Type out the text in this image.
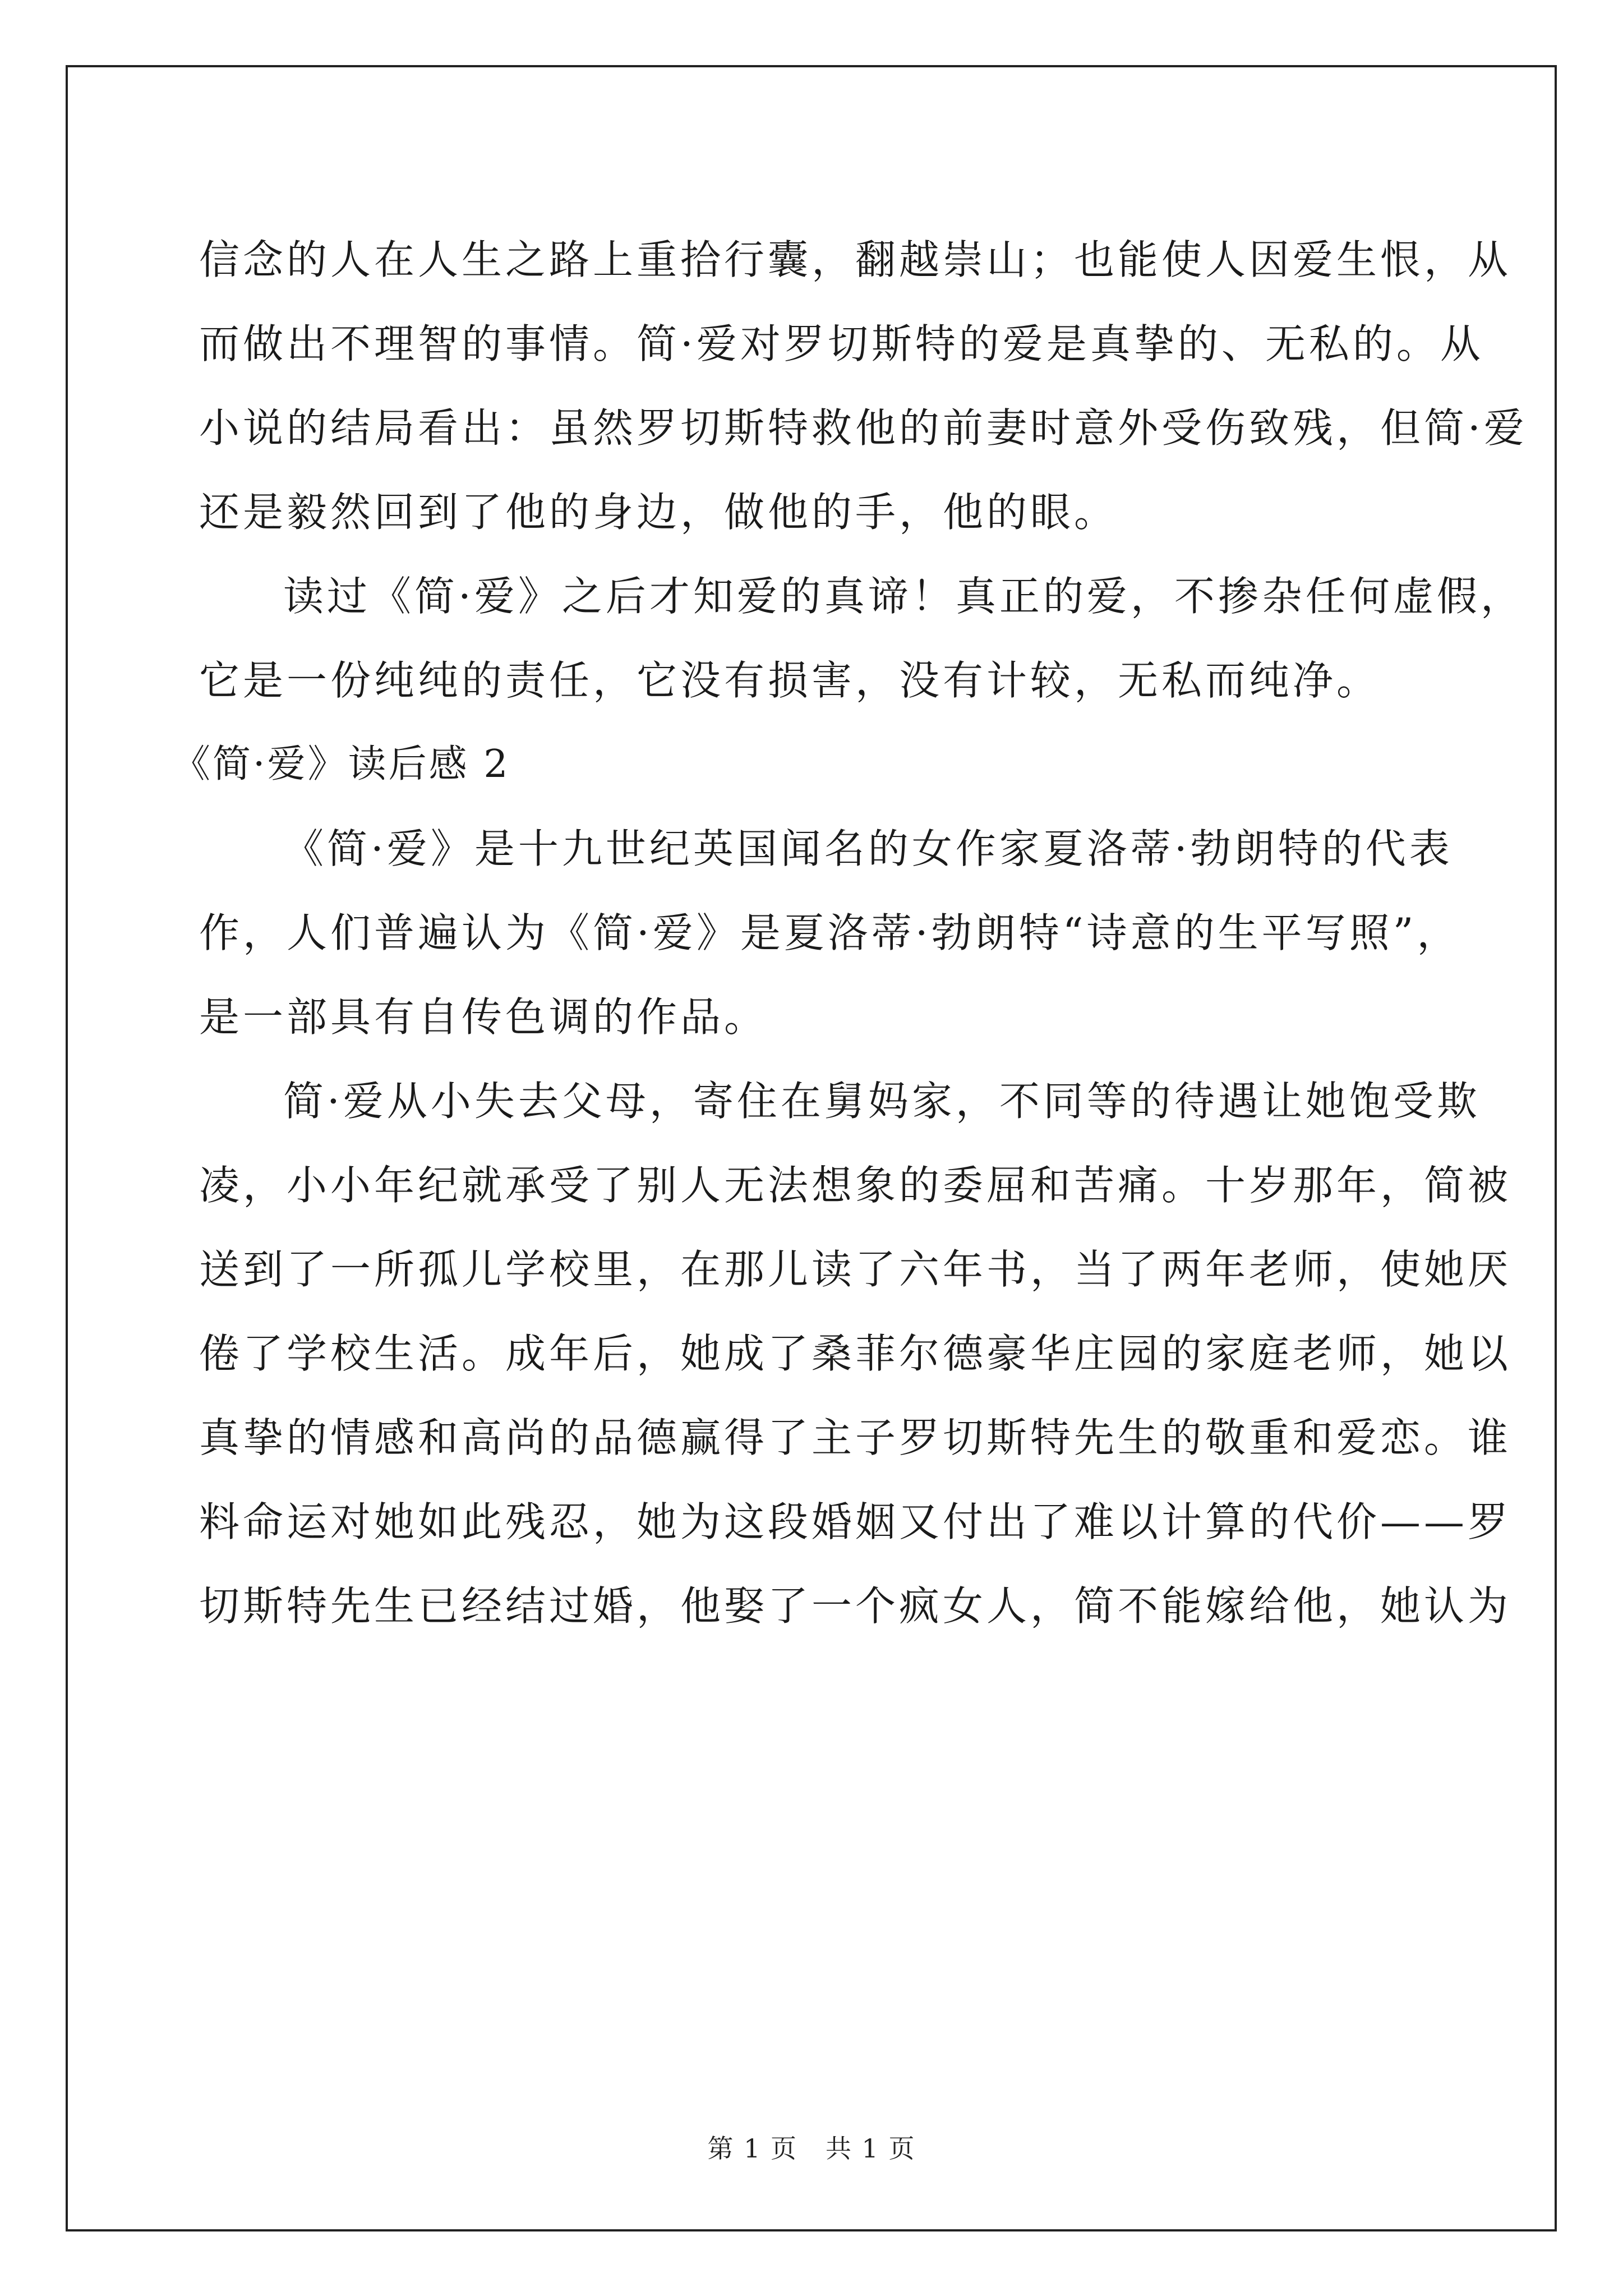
信念的人在人生之路上重拾行囊，翻越崇山；也能使人因爱生恨，从
而做出不理智的事情。简·爱对罗切斯特的爱是真挚的、无私的。从
小说的结局看出：虽然罗切斯特救他的前妻时意外受伤致残，但简·爱
还是毅然回到了他的身边，做他的手，他的眼。
读过《简·爱》之后才知爱的真谛！真正的爱，不掺杂任何虚假，
它是一份纯纯的责任，它没有损害，没有计较，无私而纯净。
《简·爱》读后感 2
《简·爱》是十九世纪英国闻名的女作家夏洛蒂·勃朗特的代表
作，人们普遍认为《简·爱》是夏洛蒂·勃朗特“诗意的生平写照”，
是一部具有自传色调的作品。
简·爱从小失去父母，寄住在舅妈家，不同等的待遇让她饱受欺
凌，小小年纪就承受了别人无法想象的委屈和苦痛。十岁那年，简被
送到了一所孤儿学校里，在那儿读了六年书，当了两年老师，使她厌
倦了学校生活。成年后，她成了桑菲尔德豪华庄园的家庭老师，她以
真挚的情感和高尚的品德赢得了主子罗切斯特先生的敬重和爱恋。谁
料命运对她如此残忍，她为这段婚姻又付出了难以计算的代价——罗
切斯特先生已经结过婚，他娶了一个疯女人，简不能嫁给他，她认为
第 1 页 共 1 页
